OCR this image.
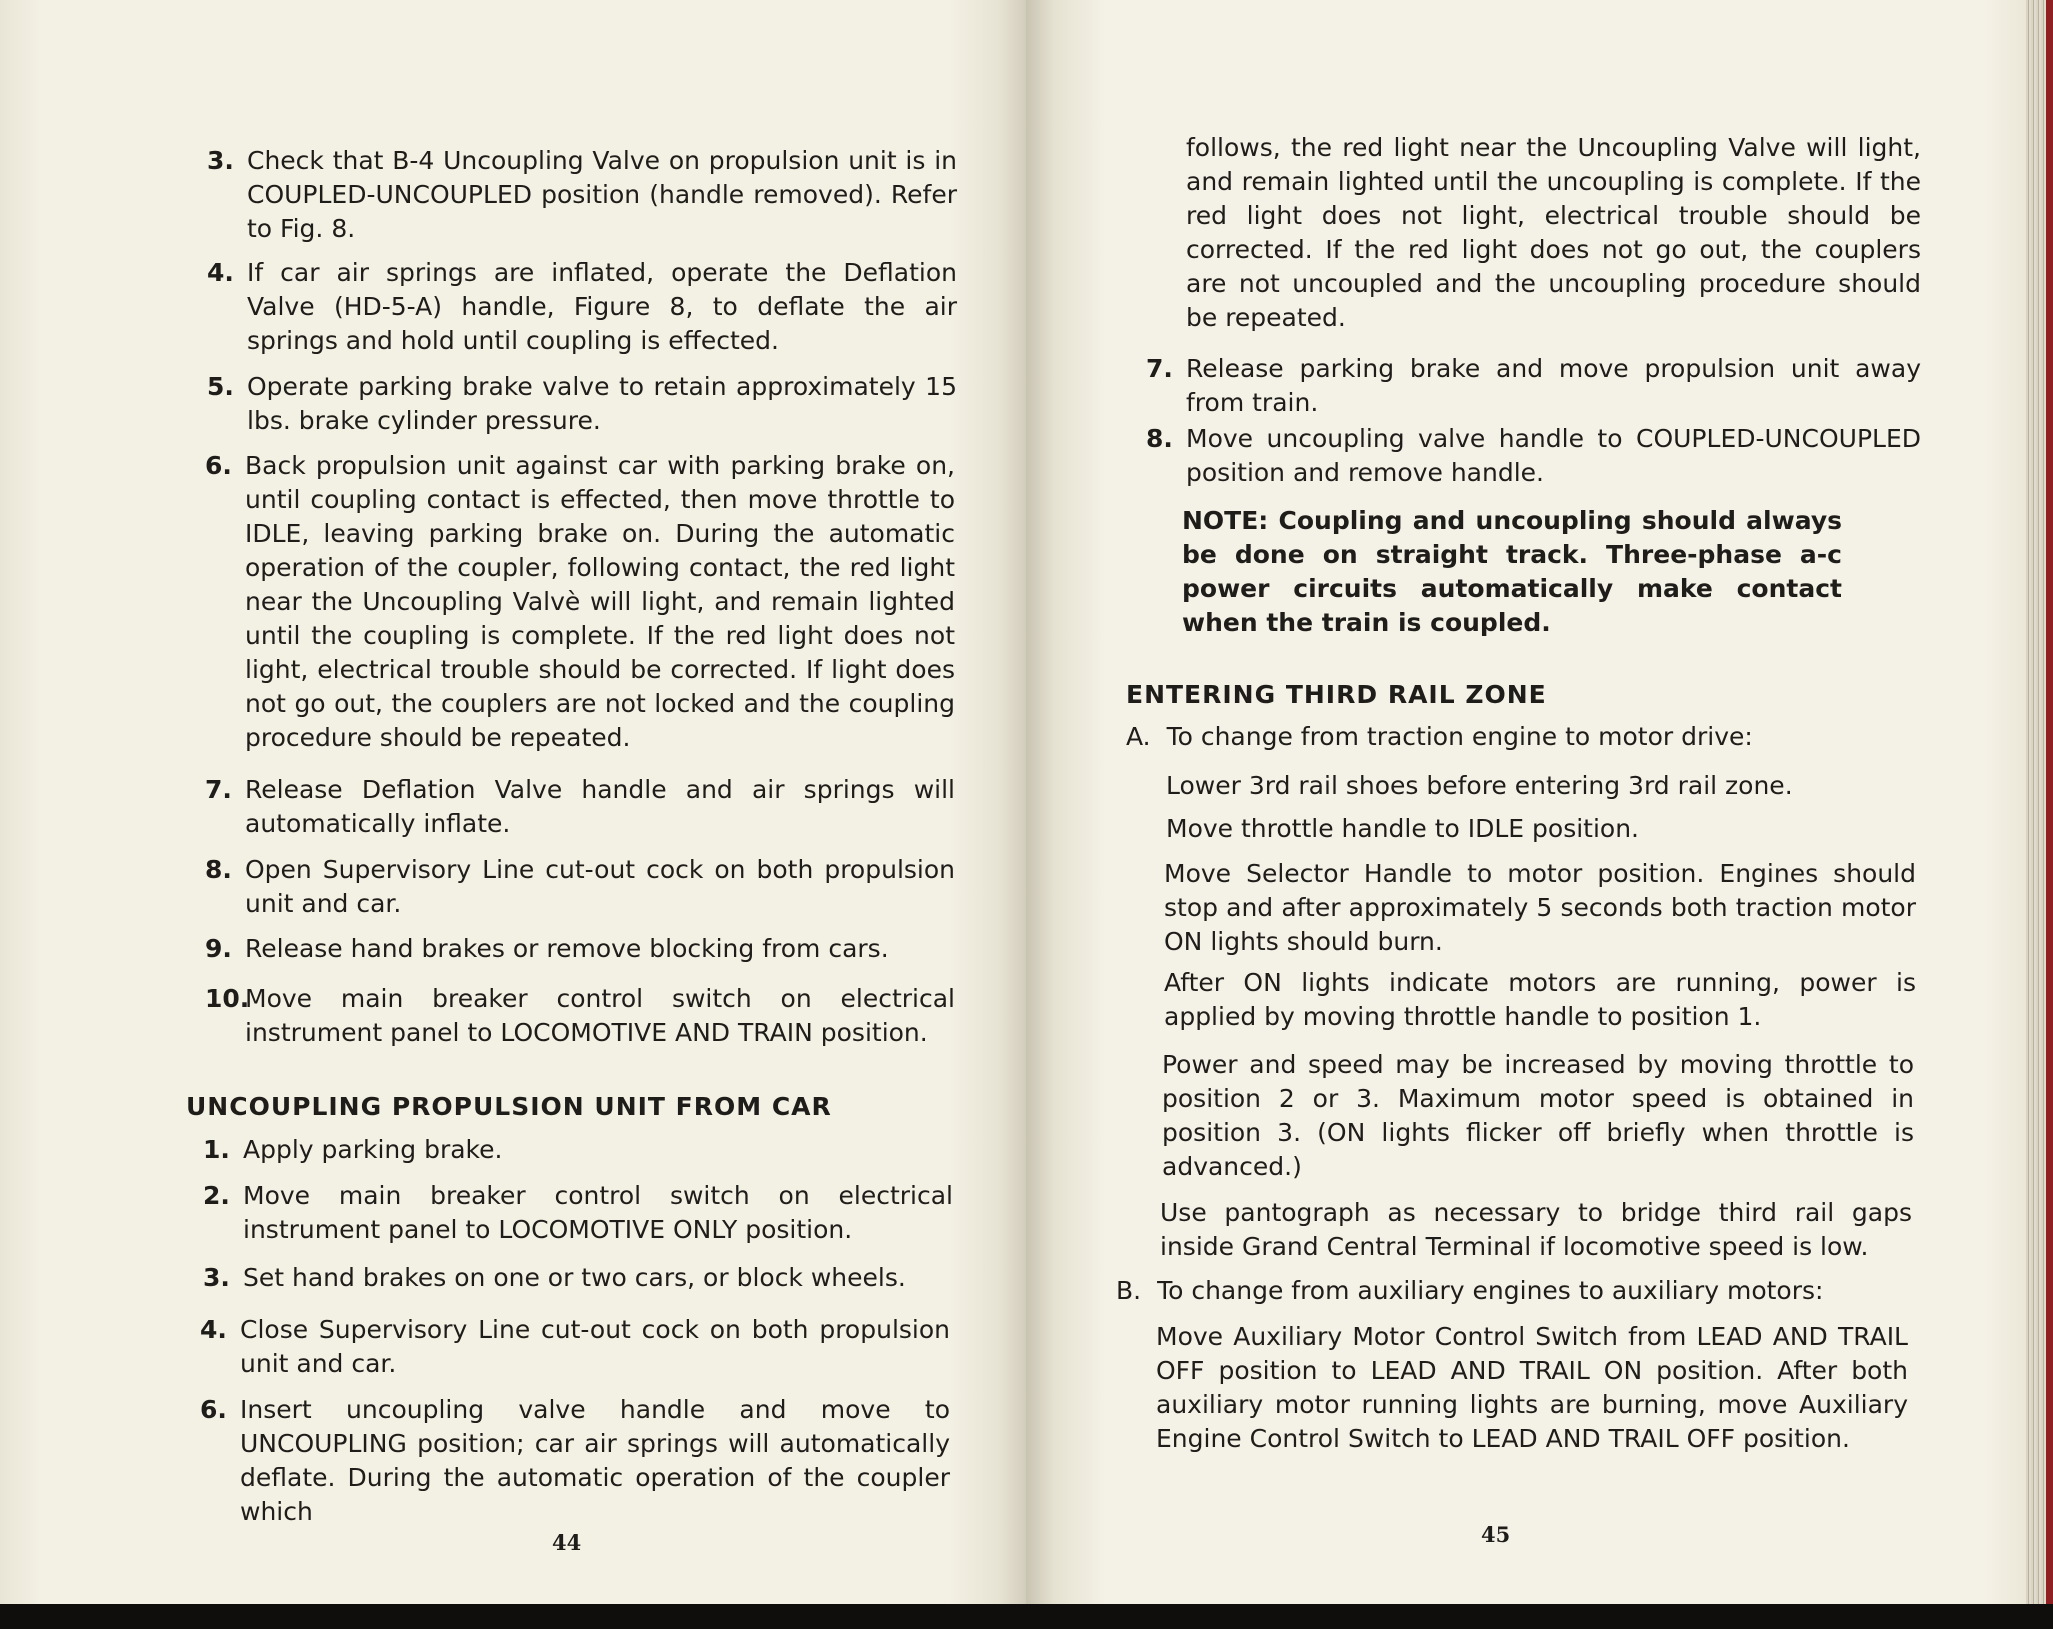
3. Check that B-4 Uncoupling Valve on propulsion unit is in COUPLED-UNCOUPLED position (handle removed). Refer to Fig. 8.

4. If car air springs are inflated, operate the Deflation Valve (HD-5-A) handle, Figure 8, to deflate the air springs and hold until coupling is effected.

5. Operate parking brake valve to retain approximately 15 lbs. brake cylinder pressure.

6. Back propulsion unit against car with parking brake on, until coupling contact is effected, then move throttle to IDLE, leaving parking brake on. During the automatic operation of the coupler, following contact, the red light near the Uncoupling Valvè will light, and remain lighted until the coupling is complete. If the red light does not light, electrical trouble should be corrected. If light does not go out, the couplers are not locked and the coupling procedure should be repeated.

7. Release Deflation Valve handle and air springs will automatically inflate.

8. Open Supervisory Line cut-out cock on both propulsion unit and car.

9. Release hand brakes or remove blocking from cars.

10.

Move main breaker control switch on electrical instrument panel to LOCOMOTIVE AND TRAIN position.

UNCOUPLING PROPULSION UNIT FROM CAR
1. Apply parking brake.

2. Move main breaker control switch on electrical instrument panel to LOCOMOTIVE ONLY position.

3. Set hand brakes on one or two cars, or block wheels.

4. Close Supervisory Line cut-out cock on both propulsion unit and car.

6. Insert uncoupling valve handle and move to UNCOUPLING position; car air springs will automatically deflate. During the automatic operation of the coupler which

44
follows, the red light near the Uncoupling Valve will light, and remain lighted until the uncoupling is complete. If the red light does not light, electrical trouble should be corrected. If the red light does not go out, the couplers are not uncoupled and the uncoupling procedure should be repeated.
7. Release parking brake and move propulsion unit away from train.

8. Move uncoupling valve handle to COUPLED-UNCOUPLED position and remove handle.

NOTE: Coupling and uncoupling should always be done on straight track. Three-phase a-c power circuits automatically make contact when the train is coupled.
ENTERING THIRD RAIL ZONE
A. To change from traction engine to motor drive:
Lower 3rd rail shoes before entering 3rd rail zone.
Move throttle handle to IDLE position.
Move Selector Handle to motor position. Engines should stop and after approximately 5 seconds both traction motor ON lights should burn.
After ON lights indicate motors are running, power is applied by moving throttle handle to position 1.
Power and speed may be increased by moving throttle to position 2 or 3. Maximum motor speed is obtained in position 3. (ON lights flicker off briefly when throttle is advanced.)
Use pantograph as necessary to bridge third rail gaps inside Grand Central Terminal if locomotive speed is low.
B. To change from auxiliary engines to auxiliary motors:
Move Auxiliary Motor Control Switch from LEAD AND TRAIL OFF position to LEAD AND TRAIL ON position. After both auxiliary motor running lights are burning, move Auxiliary Engine Control Switch to LEAD AND TRAIL OFF position.
45
